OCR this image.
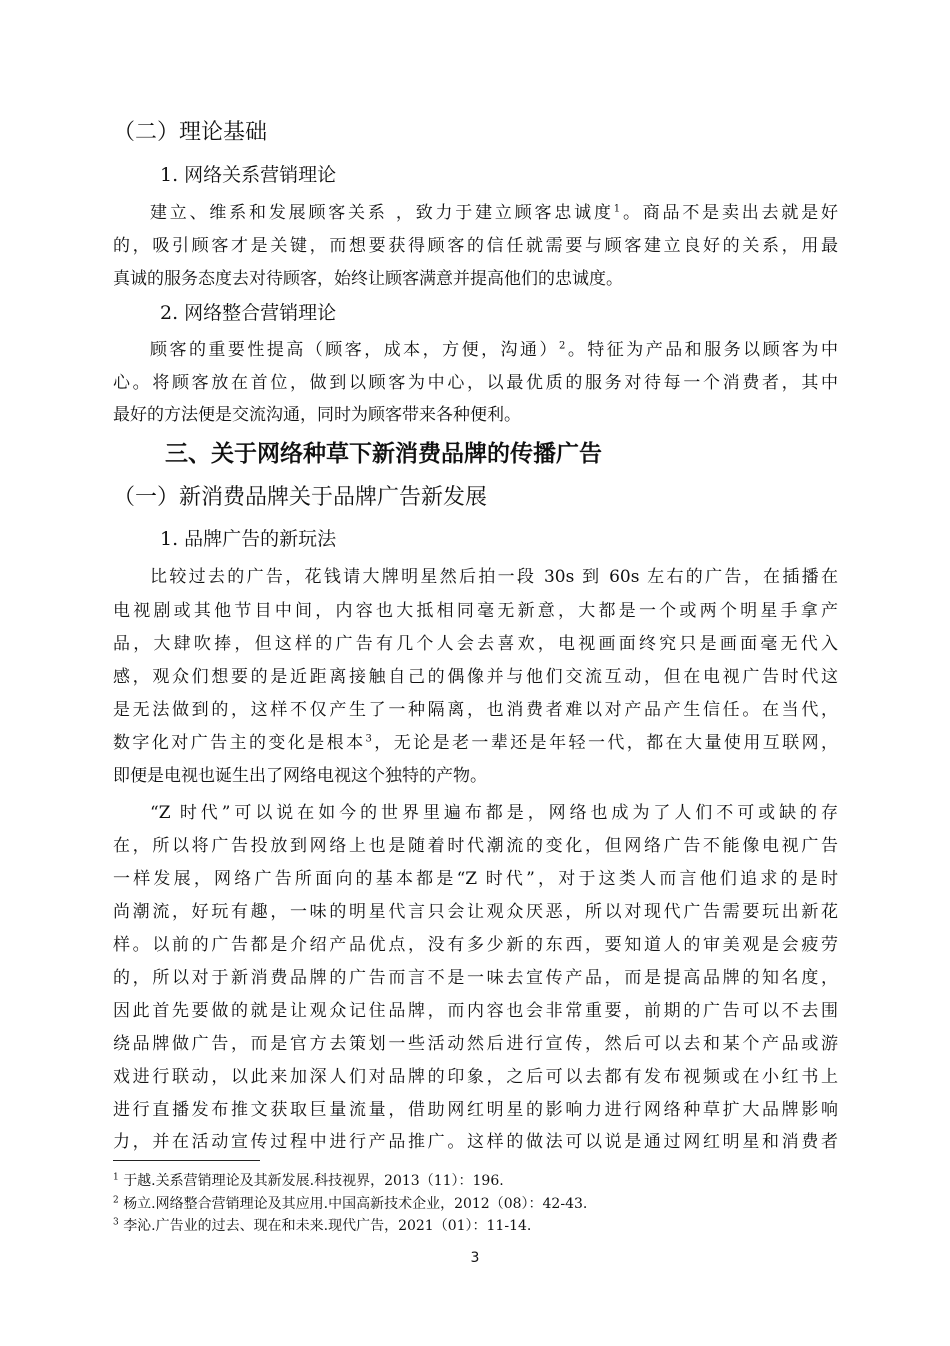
（二）理论基础
1. 网络关系营销理论
建立、维系和发展顾客关系 ，致力于建立顾客忠诚度$^1$。商品不是卖出去就是好
的，吸引顾客才是关键，而想要获得顾客的信任就需要与顾客建立良好的关系，用最
真诚的服务态度去对待顾客，始终让顾客满意并提高他们的忠诚度。
2. 网络整合营销理论
顾客的重要性提高（顾客，成本，方便，沟通）$^2$。特征为产品和服务以顾客为中
心。将顾客放在首位，做到以顾客为中心，以最优质的服务对待每一个消费者，其中
最好的方法便是交流沟通，同时为顾客带来各种便利。
三、关于网络种草下新消费品牌的传播广告
（一）新消费品牌关于品牌广告新发展
1. 品牌广告的新玩法
比较过去的广告，花钱请大牌明星然后拍一段 30s 到 60s 左右的广告，在插播在
电视剧或其他节目中间，内容也大抵相同毫无新意，大都是一个或两个明星手拿产
品，大肆吹捧，但这样的广告有几个人会去喜欢，电视画面终究只是画面毫无代入
感，观众们想要的是近距离接触自己的偶像并与他们交流互动，但在电视广告时代这
是无法做到的，这样不仅产生了一种隔离，也消费者难以对产品产生信任。在当代，
数字化对广告主的变化是根本$^3$，无论是老一辈还是年轻一代，都在大量使用互联网，
即便是电视也诞生出了网络电视这个独特的产物。
“Z 时代”可以说在如今的世界里遍布都是，网络也成为了人们不可或缺的存
在，所以将广告投放到网络上也是随着时代潮流的变化，但网络广告不能像电视广告
一样发展，网络广告所面向的基本都是“Z 时代”，对于这类人而言他们追求的是时
尚潮流，好玩有趣，一味的明星代言只会让观众厌恶，所以对现代广告需要玩出新花
样。以前的广告都是介绍产品优点，没有多少新的东西，要知道人的审美观是会疲劳
的，所以对于新消费品牌的广告而言不是一味去宣传产品，而是提高品牌的知名度，
因此首先要做的就是让观众记住品牌，而内容也会非常重要，前期的广告可以不去围
绕品牌做广告，而是官方去策划一些活动然后进行宣传，然后可以去和某个产品或游
戏进行联动，以此来加深人们对品牌的印象，之后可以去都有发布视频或在小红书上
进行直播发布推文获取巨量流量，借助网红明星的影响力进行网络种草扩大品牌影响
力，并在活动宣传过程中进行产品推广。这样的做法可以说是通过网红明星和消费者
$^1$ 于越.关系营销理论及其新发展.科技视界，2013（11）：196.
$^2$ 杨立.网络整合营销理论及其应用.中国高新技术企业，2012（08）：42-43.
$^3$ 李沁.广告业的过去、现在和未来.现代广告，2021（01）：11-14.
3
